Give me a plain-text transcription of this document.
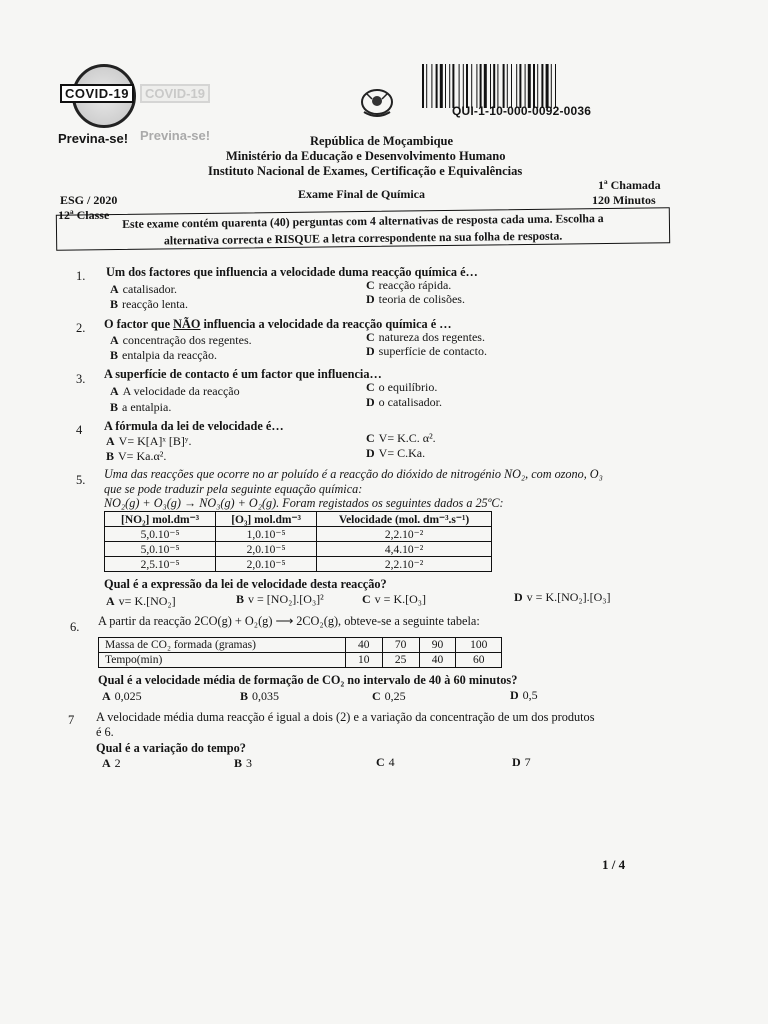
COVID-19	COVID-19
Previna-se! Previna-se!
QUI-1-10-000-0092-0036
República de Moçambique
Ministério da Educação e Desenvolvimento Humano
Instituto Nacional de Exames, Certificação e Equivalências
ESG / 2020
12ª Classe
Exame Final de Química
1ª Chamada
120 Minutos
Este exame contém quarenta (40) perguntas com 4 alternativas de resposta cada uma. Escolha a
alternativa correcta e RISQUE a letra correspondente na sua folha de resposta.
1. Um dos factores que influencia a velocidade duma reacção química é…
A catalisador.
B reacção lenta.
C reacção rápida.
D teoria de colisões.
2. O factor que NÃO influencia a velocidade da reacção química é …
A concentração dos regentes.
B entalpia da reacção.
C natureza dos regentes.
D superfície de contacto.
3. A superfície de contacto é um factor que influencia…
A A velocidade da reacção
B a entalpia.
C o equilíbrio.
D o catalisador.
4 A fórmula da lei de velocidade é…
A V= K[A]ˣ [B]ʸ.
B V= Ka.α².
C V= K.C. α².
D V= C.Ka.
5. Uma das reacções que ocorre no ar poluído é a reacção do dióxido de nitrogénio NO₂, com ozono, O₃
que se pode traduzir pela seguinte equação química:
NO₂(g) + O₃(g) → NO₃(g) + O₂(g). Foram registados os seguintes dados a 25ºC:
[NO₂] mol.dm⁻³	[O₃] mol.dm⁻³	Velocidade (mol. dm⁻³.s⁻¹)
5,0.10⁻⁵	1,0.10⁻⁵	2,2.10⁻²
5,0.10⁻⁵	2,0.10⁻⁵	4,4.10⁻²
2,5.10⁻⁵	2,0.10⁻⁵	2,2.10⁻²
Qual é a expressão da lei de velocidade desta reacção?
A v= K.[NO₂]	B v = [NO₂].[O₃]²	C v = K.[O₃]	D v = K.[NO₂].[O₃]
6. A partir da reacção 2CO(g) + O₂(g) ⟶ 2CO₂(g), obteve-se a seguinte tabela:
Massa de CO₂ formada (gramas)	40	70	90	100
Tempo(min)	10	25	40	60
Qual é a velocidade média de formação de CO₂ no intervalo de 40 à 60 minutos?
A 0,025	B 0,035	C 0,25	D 0,5
7 A velocidade média duma reacção é igual a dois (2) e a variação da concentração de um dos produtos
é 6.
Qual é a variação do tempo?
A 2	B 3	C 4	D 7
1 / 4
